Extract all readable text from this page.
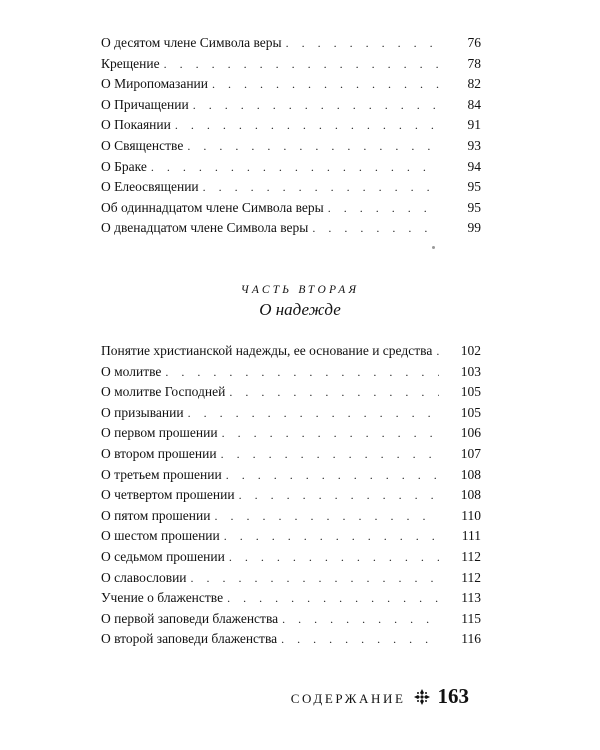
О десятом члене Символа веры . . .	76
Крещение . . .	78
О Миропомазании . . .	82
О Причащении . . .	84
О Покаянии . . .	91
О Священстве . . .	93
О Браке . . .	94
О Елеосвящении . . .	95
Об одиннадцатом члене Символа веры . . .	95
О двенадцатом члене Символа веры . . .	99
ЧАСТЬ ВТОРАЯ
О надежде
Понятие христианской надежды, ее основание и средства . . .	102
О молитве . . .	103
О молитве Господней . . .	105
О призывании . . .	105
О первом прошении . . .	106
О втором прошении . . .	107
О третьем прошении . . .	108
О четвертом прошении . . .	108
О пятом прошении . . .	110
О шестом прошении . . .	111
О седьмом прошении . . .	112
О славословии . . .	112
Учение о блаженстве . . .	113
О первой заповеди блаженства . . .	115
О второй заповеди блаженства . . .	116
СОДЕРЖАНИЕ 163
